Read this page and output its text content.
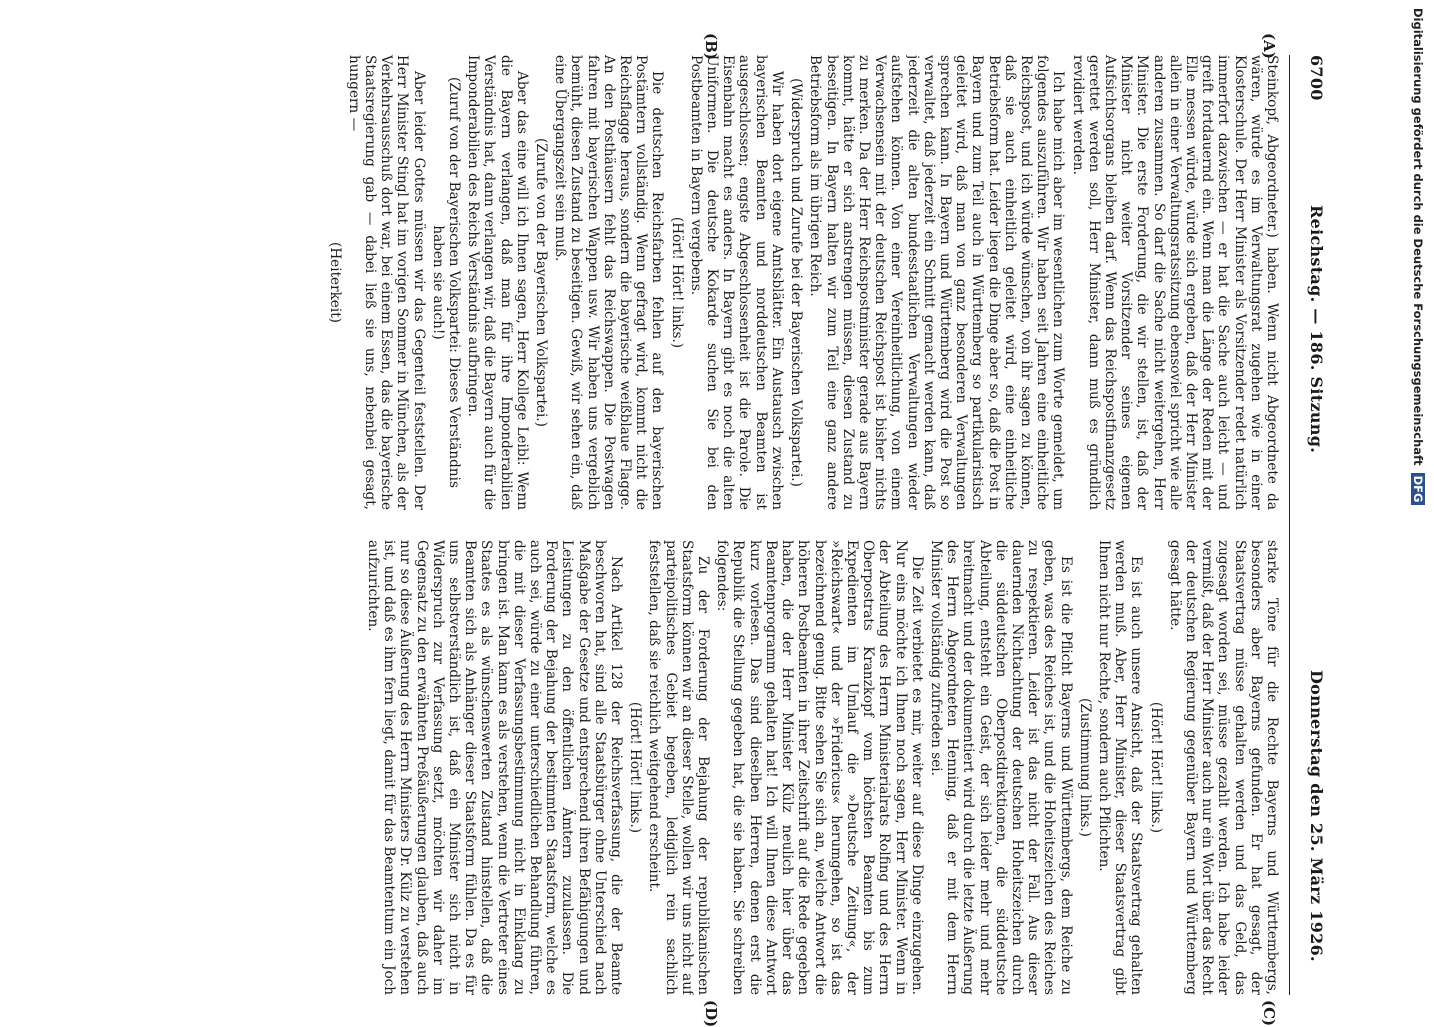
6700
Reichstag. — 186. Sitzung.
Donnerstag den 25. März 1926.
(A)
(B)
(C)
(D)

Steinkopf, Abgeordneter.) haben. Wenn nicht Abgeordnete da wären, würde es im Verwaltungsrat zugehen wie in einer Klosterschule. Der Herr Minister als Vorsitzender redet natürlich immerfort dazwischen — er hat die Sache auch leicht — und greift fortdauernd ein. Wenn man die Länge der Reden mit der Elle messen würde, würde sich ergeben, daß der Herr Minister allein in einer Verwaltungsratssitzung ebensoviel spricht wie alle anderen zusammen. So darf die Sache nicht weitergehen, Herr Minister. Die erste Forderung, die wir stellen, ist, daß der Minister nicht weiter Vorsitzender seines eigenen Aufsichtsorgans bleiben darf. Wenn das Reichspostfinanzgesetz gerettet werden soll, Herr Minister, dann muß es gründlich revidiert werden.

Ich habe mich aber im wesentlichen zum Worte gemeldet, um folgendes auszuführen. Wir haben seit Jahren eine einheitliche Reichspost, und ich würde wünschen, von ihr sagen zu können, daß sie auch einheitlich geleitet wird, eine einheitliche Betriebsform hat. Leider liegen die Dinge aber so, daß die Post in Bayern und zum Teil auch in Württemberg so partikularistisch geleitet wird, daß man von ganz besonderen Verwaltungen sprechen kann. In Bayern und Württemberg wird die Post so verwaltet, daß jederzeit ein Schnitt gemacht werden kann, daß jederzeit die alten bundesstaatlichen Verwaltungen wieder aufstehen können. Von einer Vereinheitlichung, von einem Verwachsensein mit der deutschen Reichspost ist bisher nichts zu merken. Da der Herr Reichspostminister gerade aus Bayern kommt, hätte er sich anstrengen müssen, diesen Zustand zu beseitigen. In Bayern halten wir zum Teil eine ganz andere Betriebsform als im übrigen Reich.

(Widerspruch und Zurufe bei der Bayerischen Volkspartei.)

Wir haben dort eigene Amtsblätter. Ein Austausch zwischen bayerischen Beamten und norddeutschen Beamten ist ausgeschlossen; engste Abgeschlossenheit ist die Parole. Die Eisenbahn macht es anders. In Bayern gibt es noch die alten Uniformen. Die deutsche Kokarde suchen Sie bei den Postbeamten in Bayern vergebens.

(Hört! Hört! links.)

Die deutschen Reichsfarben fehlen auf den bayerischen Postämtern vollständig. Wenn gefragt wird, kommt nicht die Reichsflagge heraus, sondern die bayerische weißblaue Flagge. An den Posthäusern fehlt das Reichswappen. Die Postwagen fahren mit bayerischen Wappen usw. Wir haben uns vergeblich bemüht, diesen Zustand zu beseitigen. Gewiß, wir sehen ein, daß eine Übergangszeit sein muß.

(Zurufe von der Bayerischen Volkspartei.)

Aber das eine will ich Ihnen sagen, Herr Kollege Leibl: Wenn die Bayern verlangen, daß man für ihre Imponderabilien Verständnis hat, dann verlangen wir, daß die Bayern auch für die Imponderabilien des Reichs Verständnis aufbringen.

(Zuruf von der Bayerischen Volkspartei: Dieses Verständnis haben sie auch!)

Aber leider Gottes müssen wir das Gegenteil feststellen. Der Herr Minister Stingl hat im vorigen Sommer in München, als der Verkehrsausschuß dort war, bei einem Essen, das die bayerische Staatsregierung gab — dabei ließ sie uns, nebenbei gesagt, hungern —

(Heiterkeit)

starke Töne für die Rechte Bayerns und Württembergs, besonders aber Bayerns gefunden. Er hat gesagt, der Staatsvertrag müsse gehalten werden und das Geld, das zugesagt worden sei, müsse gezahlt werden. Ich habe leider vermißt, daß der Herr Minister auch nur ein Wort über das Recht der deutschen Regierung gegenüber Bayern und Württemberg gesagt hätte.

(Hört! Hört! links.)

Es ist auch unsere Ansicht, daß der Staatsvertrag gehalten werden muß. Aber, Herr Minister, dieser Staatsvertrag gibt Ihnen nicht nur Rechte, sondern auch Pflichten.

(Zustimmung links.)

Es ist die Pflicht Bayerns und Württembergs, dem Reiche zu geben, was des Reiches ist, und die Hoheitszeichen des Reiches zu respektieren. Leider ist das nicht der Fall. Aus dieser dauernden Nichtachtung der deutschen Hoheitszeichen durch die süddeutschen Oberpostdirektionen, die süddeutsche Abteilung, entsteht ein Geist, der sich leider mehr und mehr breitmacht und der dokumentiert wird durch die letzte Äußerung des Herrn Abgeordneten Henning, daß er mit dem Herrn Minister vollständig zufrieden sei.

Die Zeit verbietet es mir, weiter auf diese Dinge einzugehen. Nur eins möchte ich Ihnen noch sagen, Herr Minister. Wenn in der Abteilung des Herrn Ministerialrats Rolfing und des Herrn Oberpostrats Kranzkopf vom höchsten Beamten bis zum Expedienten im Umlauf die »Deutsche Zeitung«, der »Reichswart« und der »Fridericus« herumgehen, so ist das bezeichnend genug. Bitte sehen Sie sich an, welche Antwort die höheren Postbeamten in ihrer Zeitschrift auf die Rede gegeben haben, die der Herr Minister Külz neulich hier über das Beamtenprogramm gehalten hat! Ich will Ihnen diese Antwort kurz vorlesen. Das sind dieselben Herren, denen erst die Republik die Stellung gegeben hat, die sie haben. Sie schreiben folgendes:

Zu der Forderung der Bejahung der republikanischen Staatsform können wir an dieser Stelle, wollen wir uns nicht auf parteipolitisches Gebiet begeben, lediglich rein sachlich feststellen, daß sie reichlich weitgehend erscheint.

(Hört! Hört! links.)

Nach Artikel 128 der Reichsverfassung, die der Beamte beschworen hat, sind alle Staatsbürger ohne Unterschied nach Maßgabe der Gesetze und entsprechend ihren Befähigungen und Leistungen zu den öffentlichen Ämtern zuzulassen. Die Forderung der Bejahung der bestimmten Staatsform, welche es auch sei, würde zu einer unterschiedlichen Behandlung führen, die mit dieser Verfassungsbestimmung nicht in Einklang zu bringen ist. Man kann es als verstehen, wenn die Vertreter eines Staates es als wünschenswerten Zustand hinstellen, daß die Beamten sich als Anhänger dieser Staatsform fühlen. Da es für uns selbstverständlich ist, daß ein Minister sich nicht in Widerspruch zur Verfassung setzt, möchten wir daher im Gegensatz zu den erwähnten Preßäußerungen glauben, daß auch nur so diese Äußerung des Herrn Ministers Dr. Külz zu verstehen ist, und daß es ihm fern liegt, damit für das Beamtentum ein Joch aufzurichten.

Digitalisierung gefördert durch die Deutsche Forschungsgemeinschaft DFG
